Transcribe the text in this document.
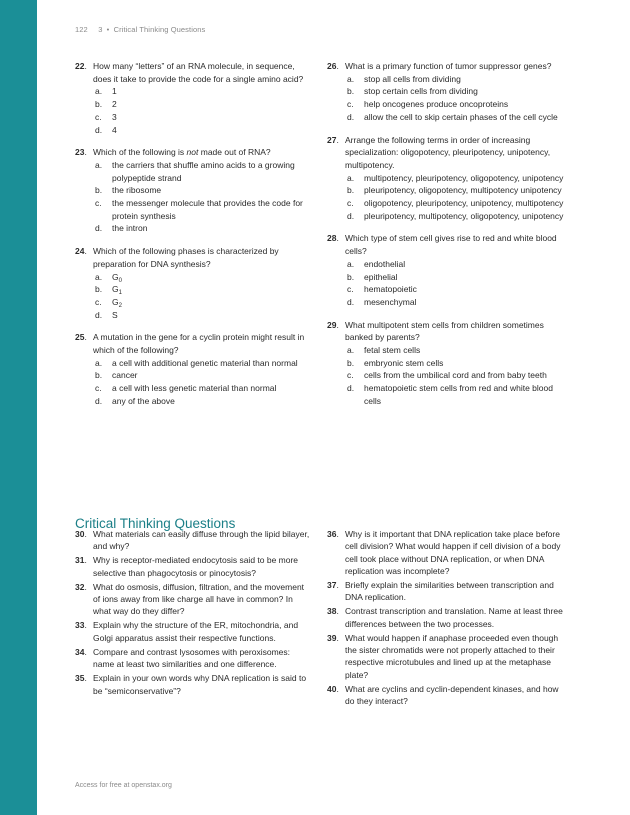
122 3 • Critical Thinking Questions
22. How many “letters” of an RNA molecule, in sequence, does it take to provide the code for a single amino acid?
a. 1
b. 2
c. 3
d. 4
23. Which of the following is not made out of RNA?
a. the carriers that shuffle amino acids to a growing polypeptide strand
b. the ribosome
c. the messenger molecule that provides the code for protein synthesis
d. the intron
24. Which of the following phases is characterized by preparation for DNA synthesis?
a. $G_0$
b. $G_1$
c. $G_2$
d. S
25. A mutation in the gene for a cyclin protein might result in which of the following?
a. a cell with additional genetic material than normal
b. cancer
c. a cell with less genetic material than normal
d. any of the above
26. What is a primary function of tumor suppressor genes?
a. stop all cells from dividing
b. stop certain cells from dividing
c. help oncogenes produce oncoproteins
d. allow the cell to skip certain phases of the cell cycle
27. Arrange the following terms in order of increasing specialization: oligopotency, pleuripotency, unipotency, multipotency.
a. multipotency, pleuripotency, oligopotency, unipotency
b. pleuripotency, oligopotency, multipotency unipotency
c. oligopotency, pleuripotency, unipotency, multipotency
d. pleuripotency, multipotency, oligopotency, unipotency
28. Which type of stem cell gives rise to red and white blood cells?
a. endothelial
b. epithelial
c. hematopoietic
d. mesenchymal
29. What multipotent stem cells from children sometimes banked by parents?
a. fetal stem cells
b. embryonic stem cells
c. cells from the umbilical cord and from baby teeth
d. hematopoietic stem cells from red and white blood cells
Critical Thinking Questions
30. What materials can easily diffuse through the lipid bilayer, and why?
31. Why is receptor-mediated endocytosis said to be more selective than phagocytosis or pinocytosis?
32. What do osmosis, diffusion, filtration, and the movement of ions away from like charge all have in common? In what way do they differ?
33. Explain why the structure of the ER, mitochondria, and Golgi apparatus assist their respective functions.
34. Compare and contrast lysosomes with peroxisomes: name at least two similarities and one difference.
35. Explain in your own words why DNA replication is said to be “semiconservative”?
36. Why is it important that DNA replication take place before cell division? What would happen if cell division of a body cell took place without DNA replication, or when DNA replication was incomplete?
37. Briefly explain the similarities between transcription and DNA replication.
38. Contrast transcription and translation. Name at least three differences between the two processes.
39. What would happen if anaphase proceeded even though the sister chromatids were not properly attached to their respective microtubules and lined up at the metaphase plate?
40. What are cyclins and cyclin-dependent kinases, and how do they interact?
Access for free at openstax.org
